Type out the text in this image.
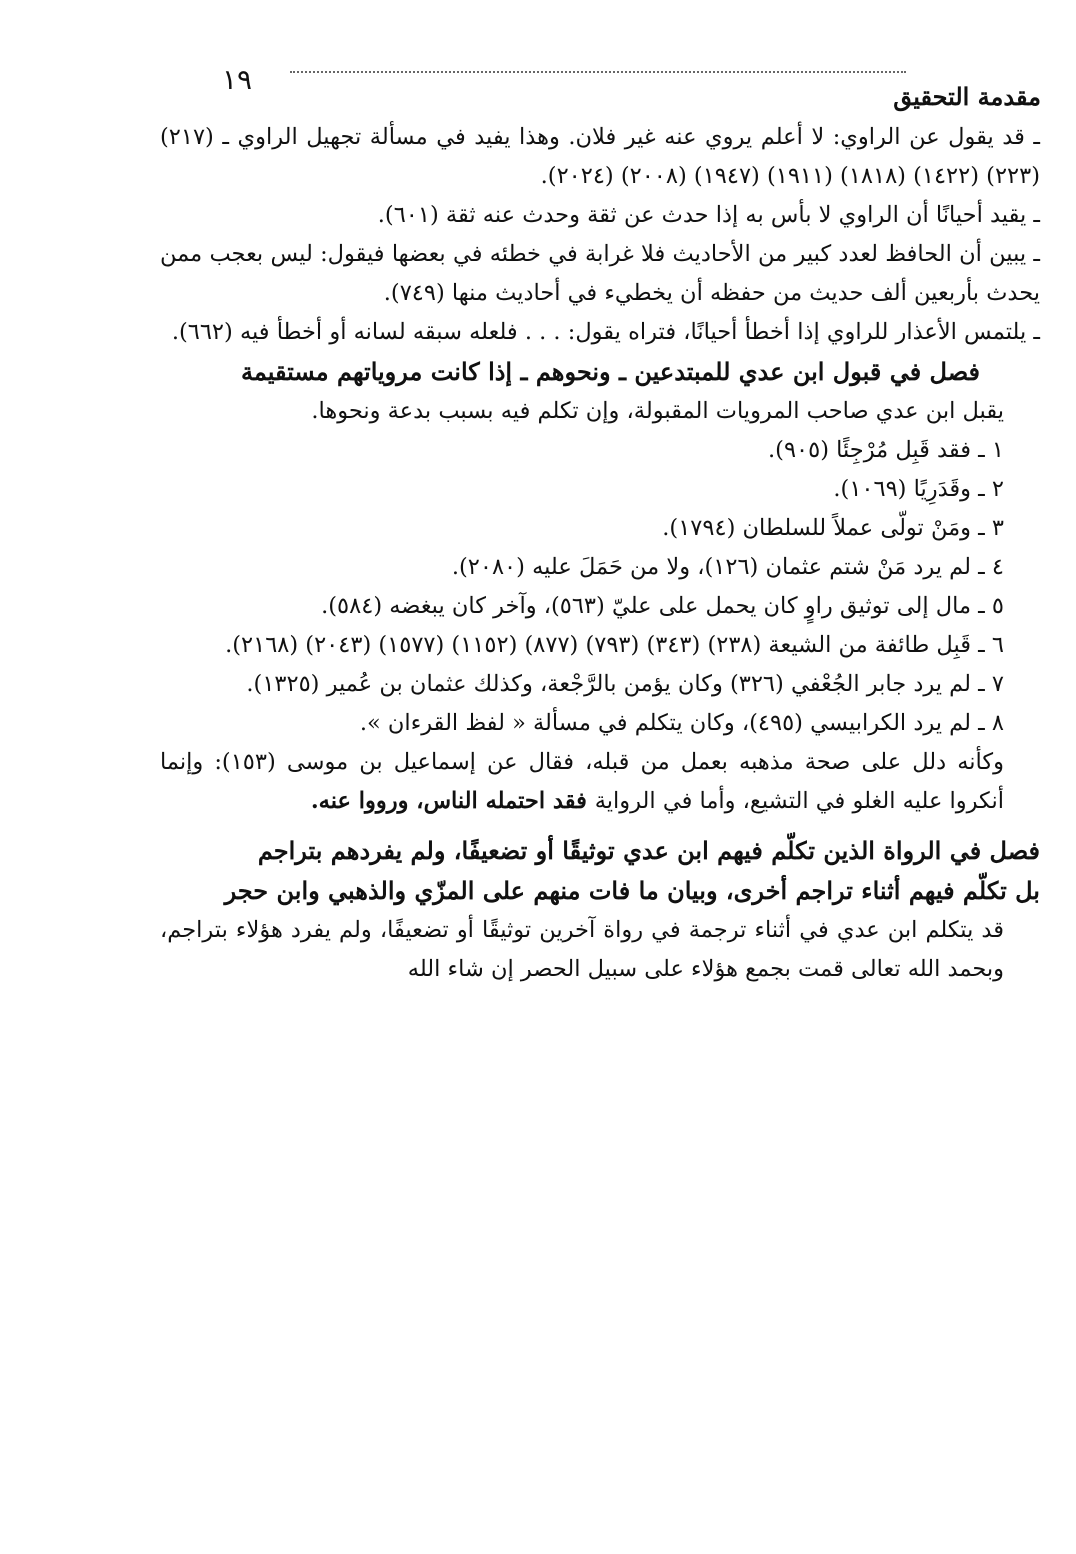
١٩
مقدمة التحقيق

ـ قد يقول عن الراوي: لا أعلم يروي عنه غير فلان. وهذا يفيد في مسألة تجهيل الراوي ـ (٢١٧) (٢٢٣) (١٤٢٢) (١٨١٨) (١٩١١) (١٩٤٧) (٢٠٠٨) (٢٠٢٤).

ـ يقيد أحيانًا أن الراوي لا بأس به إذا حدث عن ثقة وحدث عنه ثقة (٦٠١).

ـ يبين أن الحافظ لعدد كبير من الأحاديث فلا غرابة في خطئه في بعضها فيقول: ليس بعجب ممن يحدث بأربعين ألف حديث من حفظه أن يخطيء في أحاديث منها (٧٤٩).

ـ يلتمس الأعذار للراوي إذا أخطأ أحيانًا، فتراه يقول: . . . فلعله سبقه لسانه أو أخطأ فيه (٦٦٢).

فصل في قبول ابن عدي للمبتدعين ـ ونحوهم ـ إذا كانت مروياتهم مستقيمة

يقبل ابن عدي صاحب المرويات المقبولة، وإن تكلم فيه بسبب بدعة ونحوها.

١ ـ فقد قَبِل مُرْجِئًا (٩٠٥).

٢ ـ وقَدَرِيًا (١٠٦٩).

٣ ـ ومَنْ تولّى عملاً للسلطان (١٧٩٤).

٤ ـ لم يرد مَنْ شتم عثمان (١٢٦)، ولا من حَمَلَ عليه (٢٠٨٠).

٥ ـ مال إلى توثيق راوٍ كان يحمل على عليّ (٥٦٣)، وآخر كان يبغضه (٥٨٤).

٦ ـ قَبِل طائفة من الشيعة (٢٣٨) (٣٤٣) (٧٩٣) (٨٧٧) (١١٥٢) (١٥٧٧) (٢٠٤٣) (٢١٦٨).

٧ ـ لم يرد جابر الجُعْفي (٣٢٦) وكان يؤمن بالرَّجْعة، وكذلك عثمان بن عُمير (١٣٢٥).

٨ ـ لم يرد الكرابيسي (٤٩٥)، وكان يتكلم في مسألة « لفظ القرءان ».

وكأنه دلل على صحة مذهبه بعمل من قبله، فقال عن إسماعيل بن موسى (١٥٣): وإنما أنكروا عليه الغلو في التشيع، وأما في الرواية فقد احتمله الناس، ورووا عنه.

فصل في الرواة الذين تكلّم فيهم ابن عدي توثيقًا أو تضعيفًا، ولم يفردهم بتراجم

بل تكلّم فيهم أثناء تراجم أخرى، وبيان ما فات منهم على المزّي والذهبي وابن حجر

قد يتكلم ابن عدي في أثناء ترجمة في رواة آخرين توثيقًا أو تضعيفًا، ولم يفرد هؤلاء بتراجم، وبحمد الله تعالى قمت بجمع هؤلاء على سبيل الحصر إن شاء الله
